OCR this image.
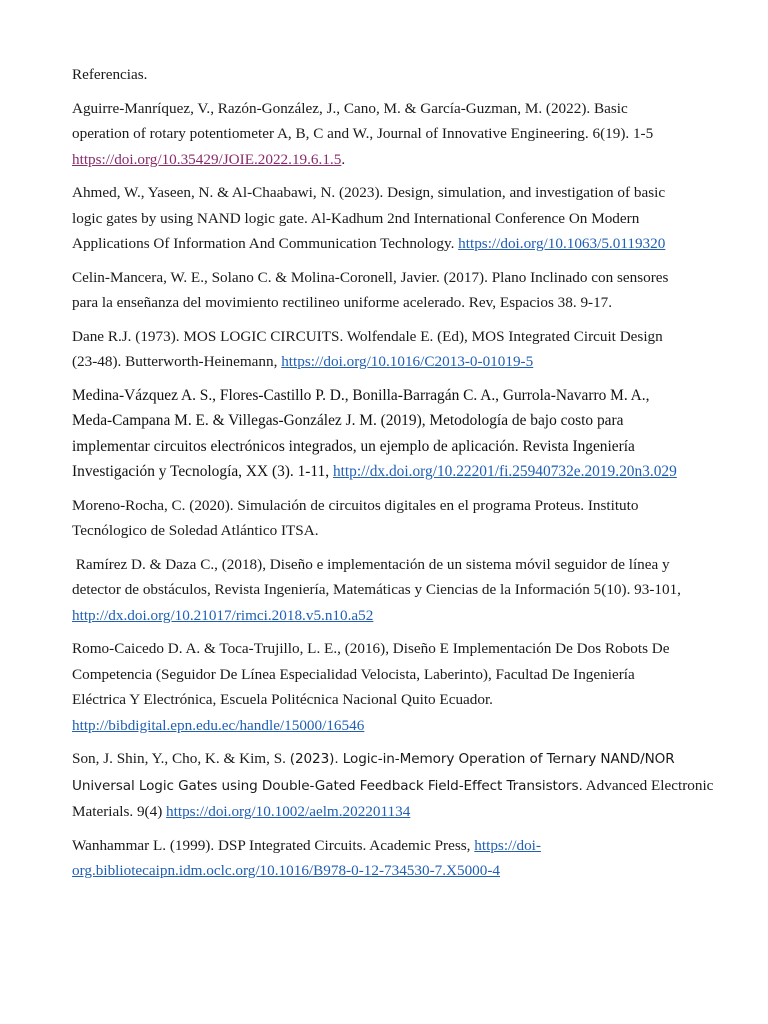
Referencias.

Aguirre-Manríquez, V., Razón-González, J., Cano, M. & García-Guzman, M. (2022). Basic
operation of rotary potentiometer A, B, C and W., Journal of Innovative Engineering. 6(19). 1-5
https://doi.org/10.35429/JOIE.2022.19.6.1.5.

Ahmed, W., Yaseen, N. & Al-Chaabawi, N. (2023). Design, simulation, and investigation of basic
logic gates by using NAND logic gate. Al-Kadhum 2nd International Conference On Modern
Applications Of Information And Communication Technology. https://doi.org/10.1063/5.0119320

Celin-Mancera, W. E., Solano C. & Molina-Coronell, Javier. (2017). Plano Inclinado con sensores
para la enseñanza del movimiento rectilineo uniforme acelerado. Rev, Espacios 38. 9-17.

Dane R.J. (1973). MOS LOGIC CIRCUITS. Wolfendale E. (Ed), MOS Integrated Circuit Design
(23-48). Butterworth-Heinemann, https://doi.org/10.1016/C2013-0-01019-5

Medina-Vázquez A. S., Flores-Castillo P. D., Bonilla-Barragán C. A., Gurrola-Navarro M. A.,
Meda-Campana M. E. & Villegas-González J. M. (2019), Metodología de bajo costo para
implementar circuitos electrónicos integrados, un ejemplo de aplicación. Revista Ingeniería
Investigación y Tecnología, XX (3). 1-11, http://dx.doi.org/10.22201/fi.25940732e.2019.20n3.029

Moreno-Rocha, C. (2020). Simulación de circuitos digitales en el programa Proteus. Instituto
Tecnólogico de Soledad Atlántico ITSA.

Ramírez D. & Daza C., (2018), Diseño e implementación de un sistema móvil seguidor de línea y
detector de obstáculos, Revista Ingeniería, Matemáticas y Ciencias de la Información 5(10). 93-101,
http://dx.doi.org/10.21017/rimci.2018.v5.n10.a52

Romo-Caicedo D. A. & Toca-Trujillo, L. E., (2016), Diseño E Implementación De Dos Robots De
Competencia (Seguidor De Línea Especialidad Velocista, Laberinto), Facultad De Ingeniería
Eléctrica Y Electrónica, Escuela Politécnica Nacional Quito Ecuador.
http://bibdigital.epn.edu.ec/handle/15000/16546

Son, J. Shin, Y., Cho, K. & Kim, S. (2023). Logic-in-Memory Operation of Ternary NAND/NOR
Universal Logic Gates using Double-Gated Feedback Field-Effect Transistors. Advanced Electronic
Materials. 9(4) https://doi.org/10.1002/aelm.202201134

Wanhammar L. (1999). DSP Integrated Circuits. Academic Press, https://doi-
org.bibliotecaipn.idm.oclc.org/10.1016/B978-0-12-734530-7.X5000-4
